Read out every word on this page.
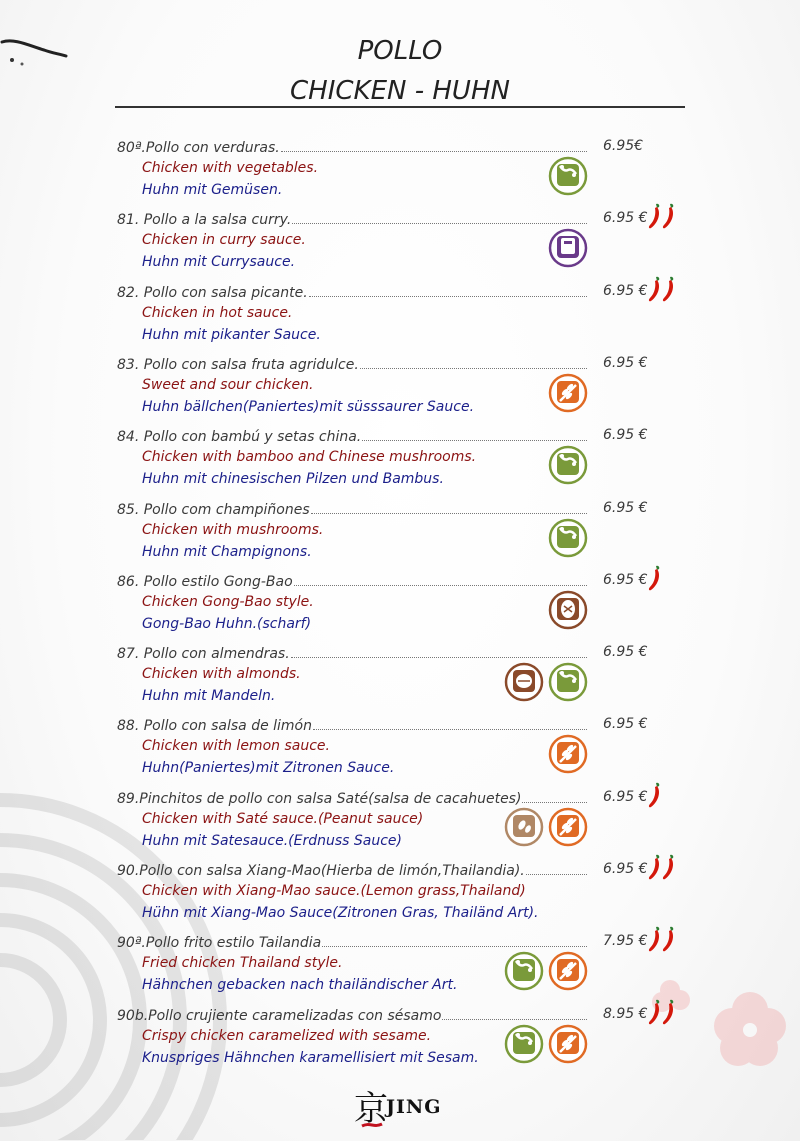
POLLO
CHICKEN - HUHN
80ª.Pollo con verduras.	6.95€
Chicken with vegetables.
Huhn mit Gemüsen.
81. Pollo a la salsa curry.	6.95 €
Chicken in curry sauce.
Huhn mit Currysauce.
82. Pollo con salsa picante.	6.95 €
Chicken in hot sauce.
Huhn mit pikanter Sauce.
83. Pollo con salsa fruta agridulce.	6.95 €
Sweet and sour chicken.
Huhn bällchen(Paniertes)mit süsssaurer Sauce.
84. Pollo con bambú y setas china.	6.95 €
Chicken with bamboo and Chinese mushrooms.
Huhn mit chinesischen Pilzen und Bambus.
85. Pollo com champiñones	6.95 €
Chicken with mushrooms.
Huhn mit Champignons.
86. Pollo estilo Gong-Bao	6.95 €
Chicken Gong-Bao style.
Gong-Bao Huhn.(scharf)
87. Pollo con almendras.	6.95 €
Chicken with almonds.
Huhn mit Mandeln.
88. Pollo con salsa de limón	6.95 €
Chicken with lemon sauce.
Huhn(Paniertes)mit Zitronen Sauce.
89.Pinchitos de pollo con salsa Saté(salsa de cacahuetes)	6.95 €
Chicken with Saté sauce.(Peanut sauce)
Huhn mit Satesauce.(Erdnuss Sauce)
90.Pollo con salsa Xiang-Mao(Hierba de limón,Thailandia).	6.95 €
Chicken with Xiang-Mao sauce.(Lemon grass,Thailand)
Hühn mit Xiang-Mao Sauce(Zitronen Gras, Thailänd Art).
90ª.Pollo frito estilo Tailandia	7.95 €
Fried chicken Thailand style.
Hähnchen gebacken nach thailändischer Art.
90b.Pollo crujiente caramelizadas con sésamo	8.95 €
Crispy chicken caramelized with sesame.
Knuspriges Hähnchen karamellisiert mit Sesam.
京
JING
